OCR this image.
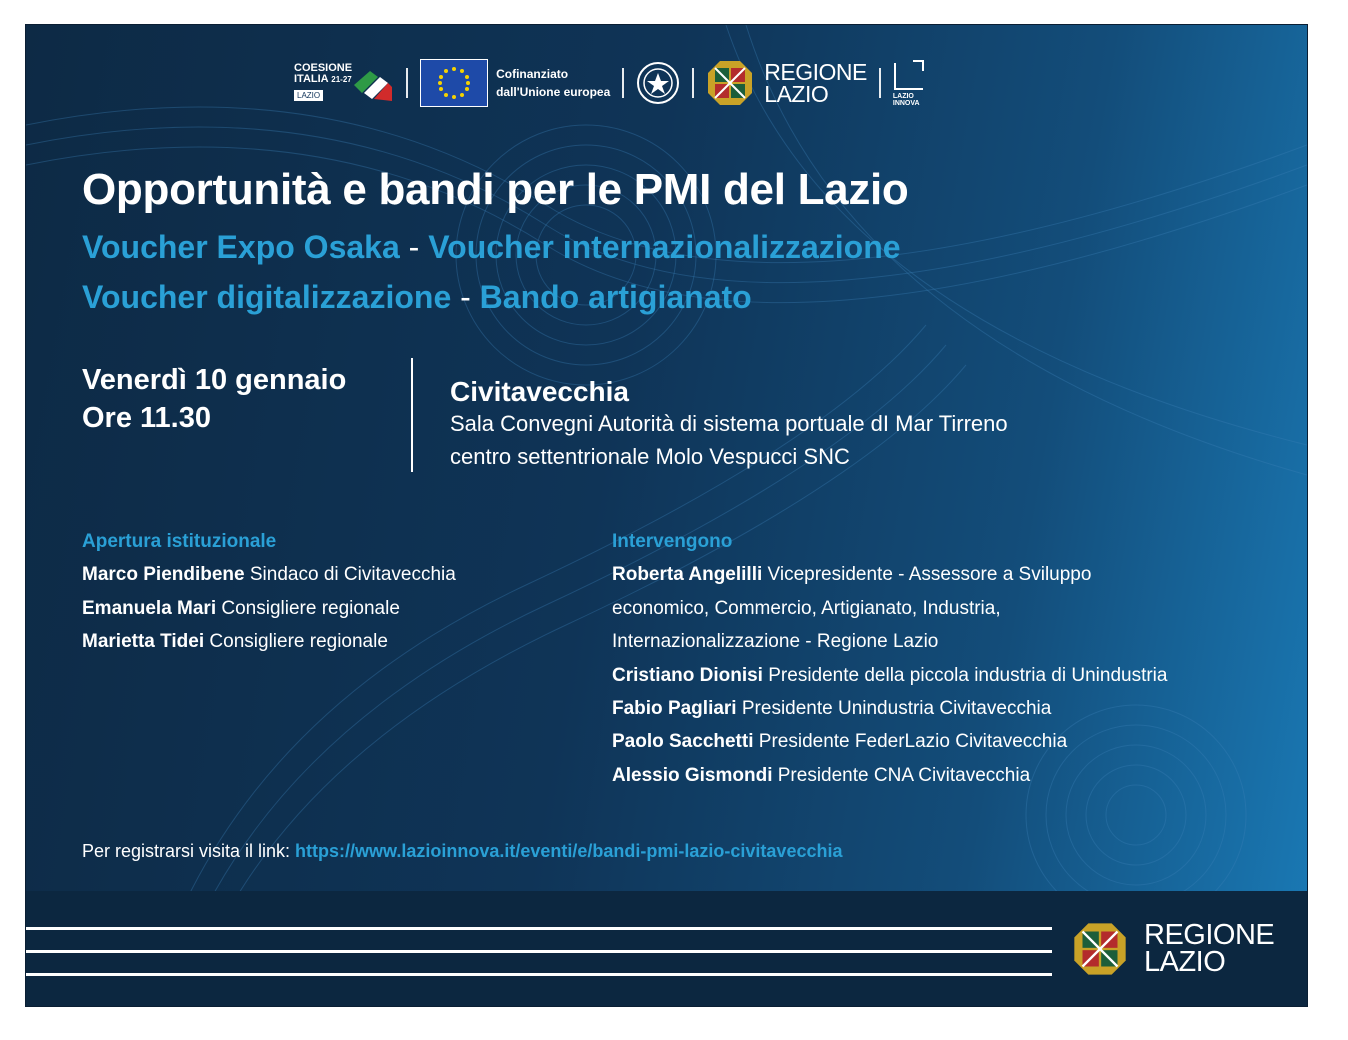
COESIONE
ITALIA 21-27
LAZIO
Cofinanziato
dall'Unione europea
REGIONE
LAZIO	LAZIO
INNOVA
Opportunità e bandi per le PMI del Lazio

Voucher Expo Osaka - Voucher internazionalizzazione

Voucher digitalizzazione - Bando artigianato

Venerdì 10 gennaio
Ore 11.30
Civitavecchia
Sala Convegni Autorità di sistema portuale dI Mar Tirreno
centro settentrionale Molo Vespucci SNC
Apertura istituzionale
Marco Piendibene Sindaco di Civitavecchia
Emanuela Mari Consigliere regionale
Marietta Tidei Consigliere regionale
Intervengono
Roberta Angelilli Vicepresidente - Assessore a Sviluppo
economico, Commercio, Artigianato, Industria,
Internazionalizzazione - Regione Lazio
Cristiano Dionisi Presidente della piccola industria di Unindustria
Fabio Pagliari Presidente Unindustria Civitavecchia
Paolo Sacchetti Presidente FederLazio Civitavecchia
Alessio Gismondi Presidente CNA Civitavecchia
Per registrarsi visita il link: https://www.lazioinnova.it/eventi/e/bandi-pmi-lazio-civitavecchia
REGIONE
LAZIO
